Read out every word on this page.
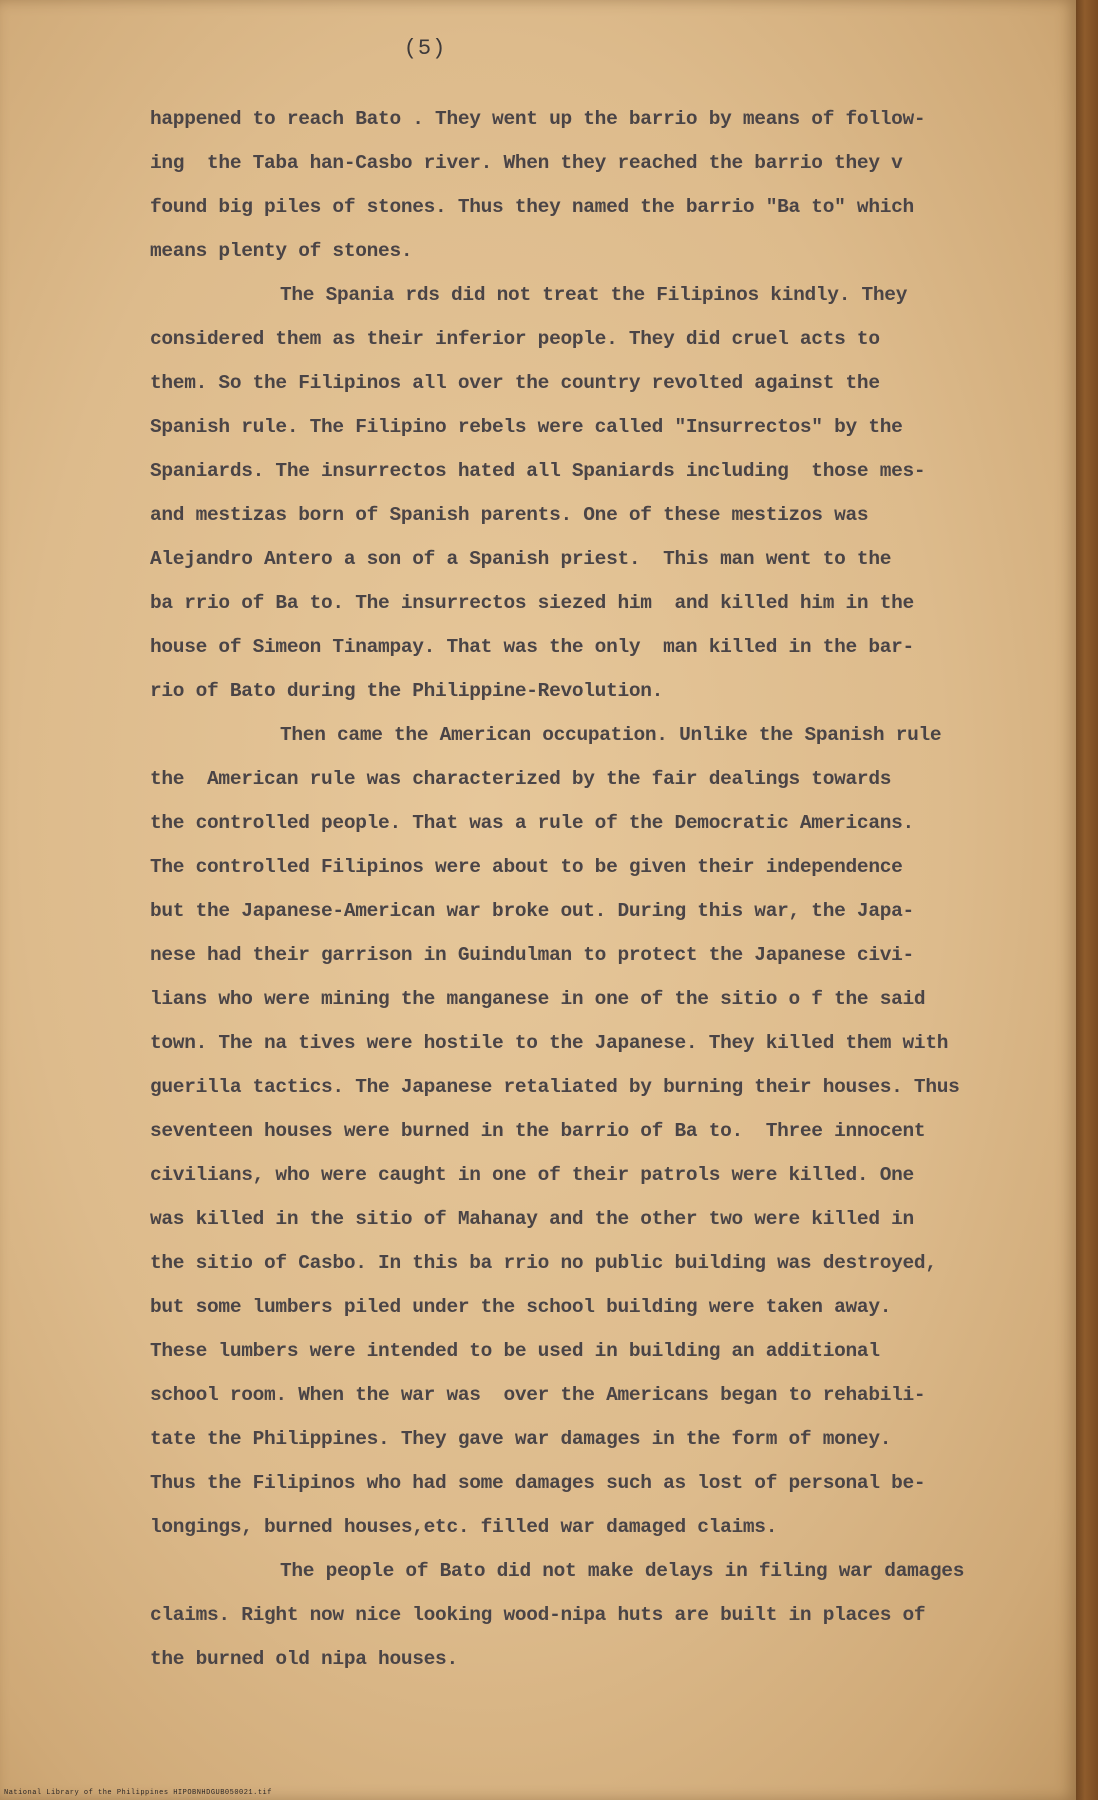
(5)
happened to reach Bato . They went up the barrio by means of follow-
ing  the Taba han-Casbo river. When they reached the barrio they v
found big piles of stones. Thus they named the barrio "Ba to" which
means plenty of stones.
The Spania rds did not treat the Filipinos kindly. They
considered them as their inferior people. They did cruel acts to
them. So the Filipinos all over the country revolted against the
Spanish rule. The Filipino rebels were called "Insurrectos" by the
Spaniards. The insurrectos hated all Spaniards including  those mes-
and mestizas born of Spanish parents. One of these mestizos was
Alejandro Antero a son of a Spanish priest.  This man went to the
ba rrio of Ba to. The insurrectos siezed him  and killed him in the
house of Simeon Tinampay. That was the only  man killed in the bar-
rio of Bato during the Philippine-Revolution.
Then came the American occupation. Unlike the Spanish rule
the  American rule was characterized by the fair dealings towards
the controlled people. That was a rule of the Democratic Americans.
The controlled Filipinos were about to be given their independence
but the Japanese-American war broke out. During this war, the Japa-
nese had their garrison in Guindulman to protect the Japanese civi-
lians who were mining the manganese in one of the sitio o f the said
town. The na tives were hostile to the Japanese. They killed them with
guerilla tactics. The Japanese retaliated by burning their houses. Thus
seventeen houses were burned in the barrio of Ba to.  Three innocent
civilians, who were caught in one of their patrols were killed. One
was killed in the sitio of Mahanay and the other two were killed in
the sitio of Casbo. In this ba rrio no public building was destroyed,
but some lumbers piled under the school building were taken away.
These lumbers were intended to be used in building an additional
school room. When the war was  over the Americans began to rehabili-
tate the Philippines. They gave war damages in the form of money.
Thus the Filipinos who had some damages such as lost of personal be-
longings, burned houses,etc. filled war damaged claims.
The people of Bato did not make delays in filing war damages
claims. Right now nice looking wood-nipa huts are built in places of
the burned old nipa houses.
National Library of the Philippines HIPOBNHDGUB050021.tif
